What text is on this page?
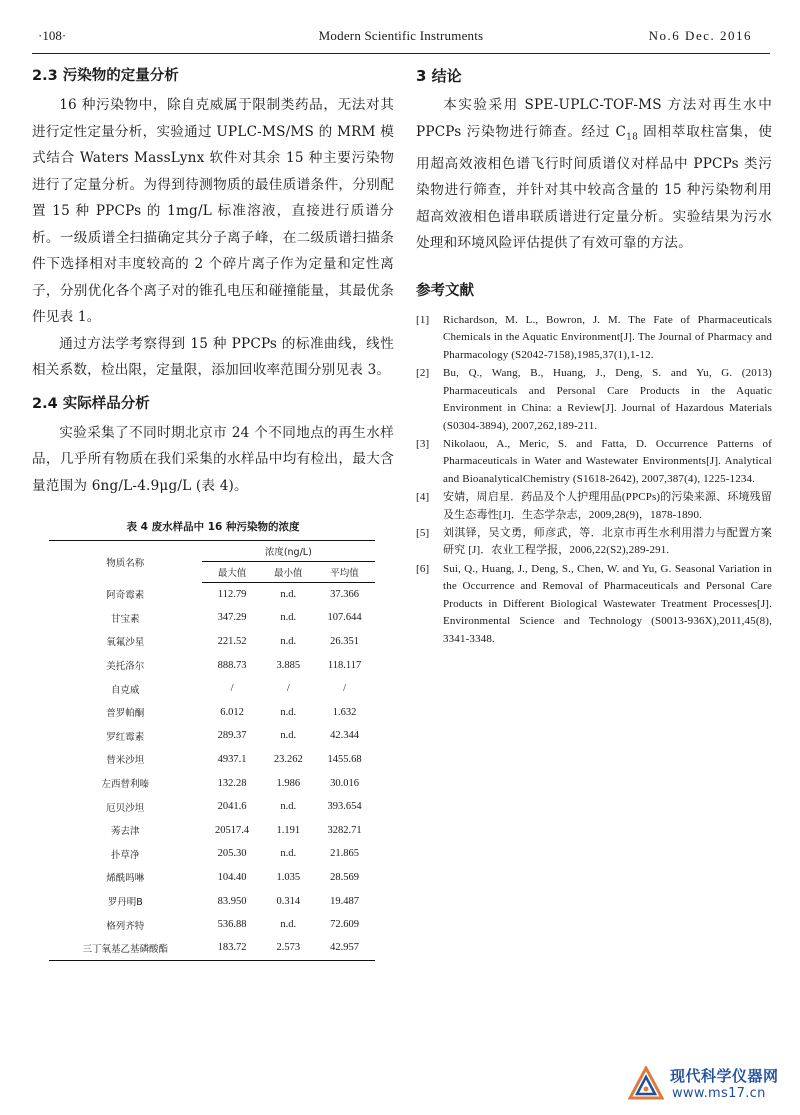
·108·	Modern Scientific Instruments	No.6 Dec. 2016
2.3 污染物的定量分析

16 种污染物中，除自克威属于限制类药品，无法对其进行定性定量分析，实验通过 UPLC-MS/MS 的 MRM 模式结合 Waters MassLynx 软件对其余 15 种主要污染物进行了定量分析。为得到待测物质的最佳质谱条件，分别配置 15 种 PPCPs 的 1mg/L 标准溶液，直接进行质谱分析。一级质谱全扫描确定其分子离子峰，在二级质谱扫描条件下选择相对丰度较高的 2 个碎片离子作为定量和定性离子，分别优化各个离子对的锥孔电压和碰撞能量，其最优条件见表 1。

通过方法学考察得到 15 种 PPCPs 的标准曲线，线性相关系数，检出限，定量限，添加回收率范围分别见表 3。

2.4 实际样品分析

实验采集了不同时期北京市 24 个不同地点的再生水样品，几乎所有物质在我们采集的水样品中均有检出，最大含量范围为 6ng/L-4.9μg/L (表 4)。

表 4 废水样品中 16 种污染物的浓度
物质名称	浓度(ng/L)		
	最大值	最小值	平均值
阿奇霉素	112.79	n.d.	37.366
甘宝素	347.29	n.d.	107.644
氧氟沙星	221.52	n.d.	26.351
美托洛尔	888.73	3.885	118.117
自克威	/	/	/
普罗帕酮	6.012	n.d.	1.632
罗红霉素	289.37	n.d.	42.344
替米沙坦	4937.1	23.262	1455.68
左西替利嗪	132.28	1.986	30.016
厄贝沙坦	2041.6	n.d.	393.654
莠去津	20517.4	1.191	3282.71
扑草净	205.30	n.d.	21.865
烯酰吗啉	104.40	1.035	28.569
罗丹明B	83.950	0.314	19.487
格列齐特	536.88	n.d.	72.609
三丁氧基乙基磷酸酯	183.72	2.573	42.957
3 结论

本实验采用 SPE-UPLC-TOF-MS 方法对再生水中 PPCPs 污染物进行筛查。经过 $C_{18}$ 固相萃取柱富集，使用超高效液相色谱飞行时间质谱仪对样品中 PPCPs 类污染物进行筛查，并针对其中较高含量的 15 种污染物利用超高效液相色谱串联质谱进行定量分析。实验结果为污水处理和环境风险评估提供了有效可靠的方法。

参考文献
[1] Richardson, M. L., Bowron, J. M. The Fate of Pharmaceuticals Chemicals in the Aquatic Environment[J]. The Journal of Pharmacy and Pharmacology (S2042-7158),1985,37(1),1-12.
[2] Bu, Q., Wang, B., Huang, J., Deng, S. and Yu, G. (2013) Pharmaceuticals and Personal Care Products in the Aquatic Environment in China: a Review[J]. Journal of Hazardous Materials (S0304-3894), 2007,262,189-211.
[3] Nikolaou, A., Meric, S. and Fatta, D. Occurrence Patterns of Pharmaceuticals in Water and Wastewater Environments[J]. Analytical and BioanalyticalChemistry (S1618-2642), 2007,387(4), 1225-1234.
[4] 安婧，周启星．药品及个人护理用品(PPCPs)的污染来源、环境残留及生态毒性[J]．生态学杂志，2009,28(9)，1878-1890.
[5] 刘淇铎，吴文勇，师彦武，等．北京市再生水利用潜力与配置方案研究 [J]．农业工程学报，2006,22(S2),289-291.
[6] Sui, Q., Huang, J., Deng, S., Chen, W. and Yu, G. Seasonal Variation in the Occurrence and Removal of Pharmaceuticals and Personal Care Products in Different Biological Wastewater Treatment Processes[J]. Environmental Science and Technology (S0013-936X),2011,45(8), 3341-3348.
现代科学仪器网
www.ms17.cn
